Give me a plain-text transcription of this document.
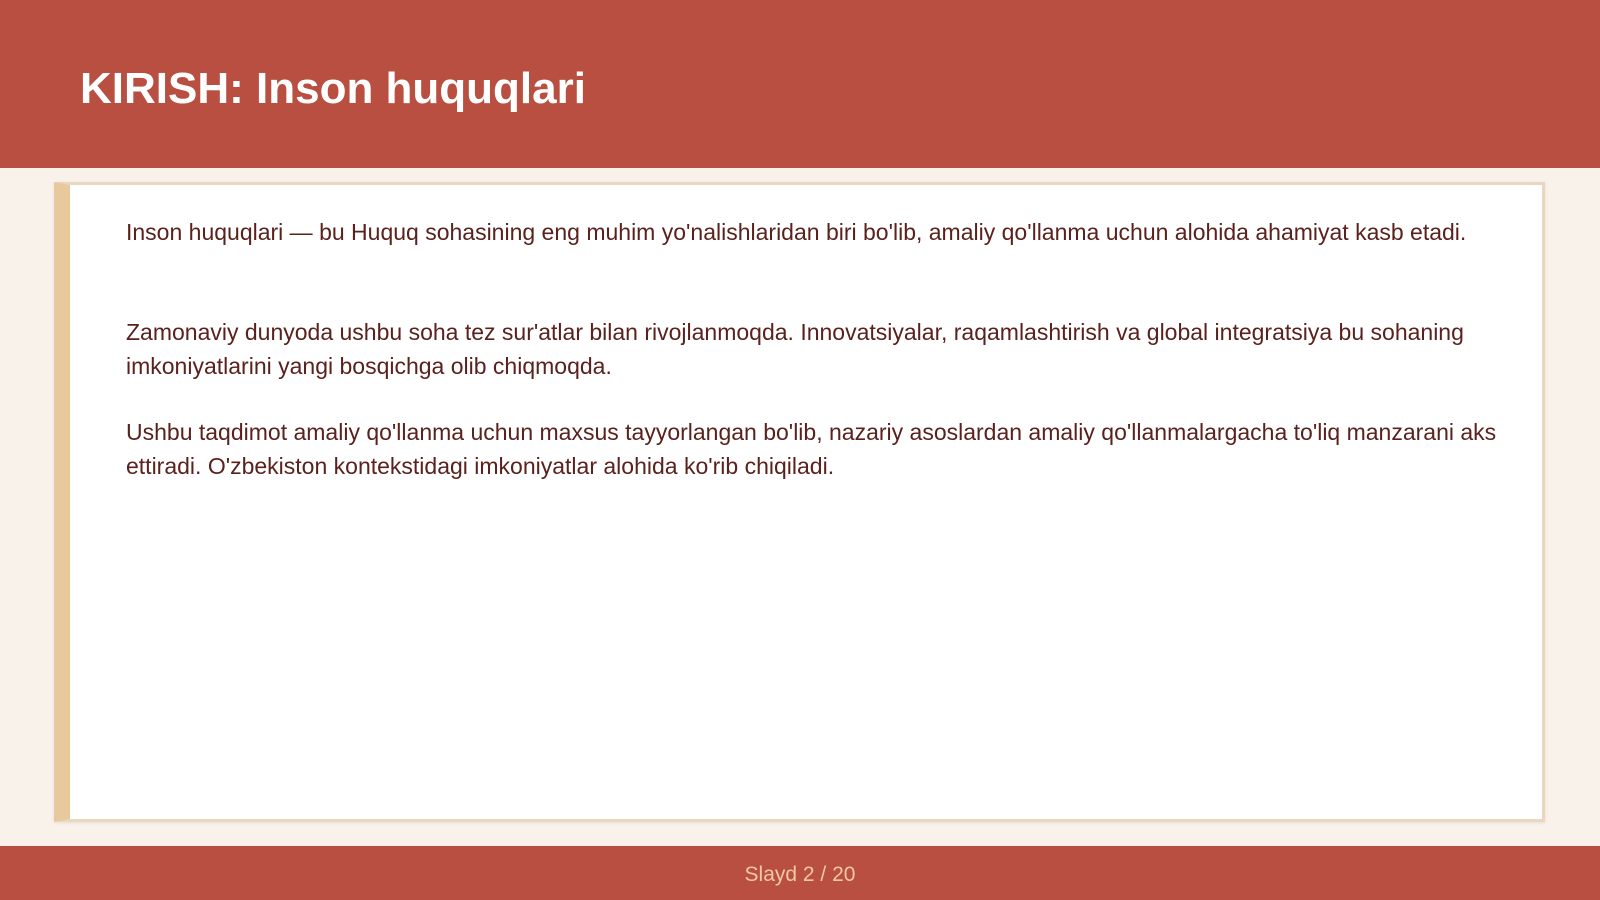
KIRISH: Inson huquqlari

Inson huquqlari — bu Huquq sohasining eng muhim yo'nalishlaridan biri bo'lib, amaliy qo'llanma uchun alohida ahamiyat kasb etadi.

Zamonaviy dunyoda ushbu soha tez sur'atlar bilan rivojlanmoqda. Innovatsiyalar, raqamlashtirish va global integratsiya bu sohaning imkoniyatlarini yangi bosqichga olib chiqmoqda.

Ushbu taqdimot amaliy qo'llanma uchun maxsus tayyorlangan bo'lib, nazariy asoslardan amaliy qo'llanmalargacha to'liq manzarani aks ettiradi. O'zbekiston kontekstidagi imkoniyatlar alohida ko'rib chiqiladi.

Slayd 2 / 20
